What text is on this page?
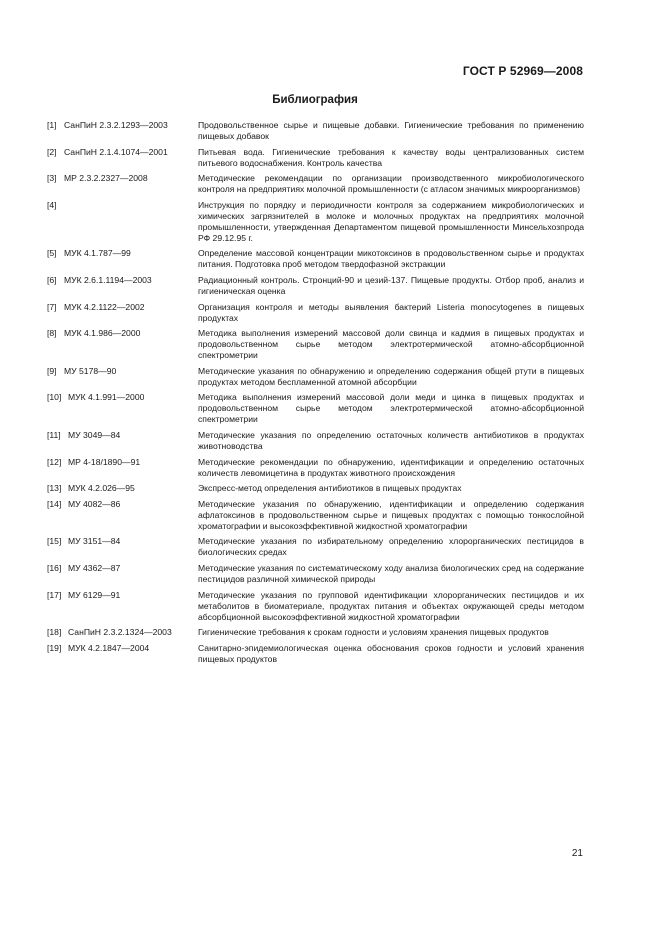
ГОСТ Р 52969—2008
Библиография
[1] СанПиН 2.3.2.1293—2003	Продовольственное сырье и пищевые добавки. Гигиенические требования по применению пищевых добавок
[2] СанПиН 2.1.4.1074—2001	Питьевая вода. Гигиенические требования к качеству воды централизованных систем питьевого водоснабжения. Контроль качества
[3] МР 2.3.2.2327—2008	Методические рекомендации по организации производственного микробиологического контроля на предприятиях молочной промышленности (с атласом значимых микроорганизмов)
[4]	Инструкция по порядку и периодичности контроля за содержанием микробиологических и химических загрязнителей в молоке и молочных продуктах на предприятиях молочной промышленности, утвержденная Департаментом пищевой промышленности Минсельхозпрода РФ 29.12.95 г.
[5] МУК 4.1.787—99	Определение массовой концентрации микотоксинов в продовольственном сырье и продуктах питания. Подготовка проб методом твердофазной экстракции
[6] МУК 2.6.1.1194—2003	Радиационный контроль. Стронций-90 и цезий-137. Пищевые продукты. Отбор проб, анализ и гигиеническая оценка
[7] МУК 4.2.1122—2002	Организация контроля и методы выявления бактерий Listeria monocytogenes в пищевых продуктах
[8] МУК 4.1.986—2000	Методика выполнения измерений массовой доли свинца и кадмия в пищевых продуктах и продовольственном сырье методом электротермической атомно-абсорбционной спектрометрии
[9] МУ 5178—90	Методические указания по обнаружению и определению содержания общей ртути в пищевых продуктах методом беспламенной атомной абсорбции
[10] МУК 4.1.991—2000	Методика выполнения измерений массовой доли меди и цинка в пищевых продуктах и продовольственном сырье методом электротермической атомно-абсорбционной спектрометрии
[11] МУ 3049—84	Методические указания по определению остаточных количеств антибиотиков в продуктах животноводства
[12] МР 4-18/1890—91	Методические рекомендации по обнаружению, идентификации и определению остаточных количеств левомицетина в продуктах животного происхождения
[13] МУК 4.2.026—95	Экспресс-метод определения антибиотиков в пищевых продуктах
[14] МУ 4082—86	Методические указания по обнаружению, идентификации и определению содержания афлатоксинов в продовольственном сырье и пищевых продуктах с помощью тонкослойной хроматографии и высокоэффективной жидкостной хроматографии
[15] МУ 3151—84	Методические указания по избирательному определению хлорорганических пестицидов в биологических средах
[16] МУ 4362—87	Методические указания по систематическому ходу анализа биологических сред на содержание пестицидов различной химической природы
[17] МУ 6129—91	Методические указания по групповой идентификации хлорорганических пестицидов и их метаболитов в биоматериале, продуктах питания и объектах окружающей среды методом абсорбционной высокоэффективной жидкостной хроматографии
[18] СанПиН 2.3.2.1324—2003	Гигиенические требования к срокам годности и условиям хранения пищевых продуктов
[19] МУК 4.2.1847—2004	Санитарно-эпидемиологическая оценка обоснования сроков годности и условий хранения пищевых продуктов
21
